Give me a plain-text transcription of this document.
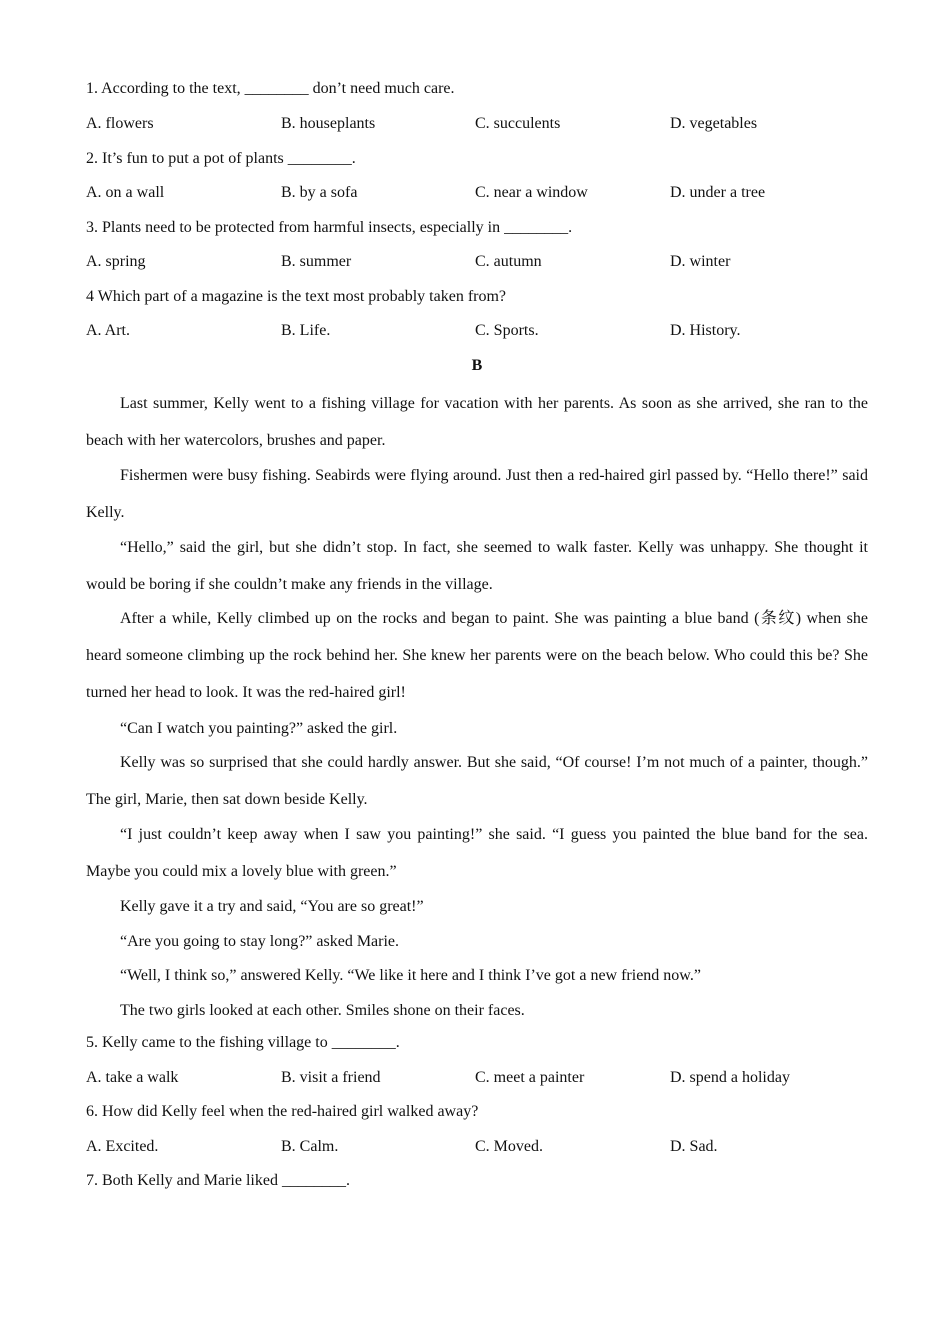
1. According to the text, ________ don’t need much care.
A. flowers	B. houseplants	C. succulents	D. vegetables
2. It’s fun to put a pot of plants ________.
A. on a wall	B. by a sofa	C. near a window	D. under a tree
3. Plants need to be protected from harmful insects, especially in ________.
A. spring	B. summer	C. autumn	D. winter
4 Which part of a magazine is the text most probably taken from?
A. Art.	B. Life.	C. Sports.	D. History.
B
Last summer, Kelly went to a fishing village for vacation with her parents. As soon as she arrived, she ran to the beach with her watercolors, brushes and paper.
Fishermen were busy fishing. Seabirds were flying around. Just then a red-haired girl passed by. “Hello there!” said Kelly.
“Hello,” said the girl, but she didn’t stop. In fact, she seemed to walk faster. Kelly was unhappy. She thought it would be boring if she couldn’t make any friends in the village.
After a while, Kelly climbed up on the rocks and began to paint. She was painting a blue band (条纹) when she heard someone climbing up the rock behind her. She knew her parents were on the beach below. Who could this be? She turned her head to look. It was the red-haired girl!
“Can I watch you painting?” asked the girl.
Kelly was so surprised that she could hardly answer. But she said, “Of course! I’m not much of a painter, though.” The girl, Marie, then sat down beside Kelly.
“I just couldn’t keep away when I saw you painting!” she said. “I guess you painted the blue band for the sea. Maybe you could mix a lovely blue with green.”
Kelly gave it a try and said, “You are so great!”
“Are you going to stay long?” asked Marie.
“Well, I think so,” answered Kelly. “We like it here and I think I’ve got a new friend now.”
The two girls looked at each other. Smiles shone on their faces.
5. Kelly came to the fishing village to ________.
A. take a walk	B. visit a friend	C. meet a painter	D. spend a holiday
6. How did Kelly feel when the red-haired girl walked away?
A. Excited.	B. Calm.	C. Moved.	D. Sad.
7. Both Kelly and Marie liked ________.
